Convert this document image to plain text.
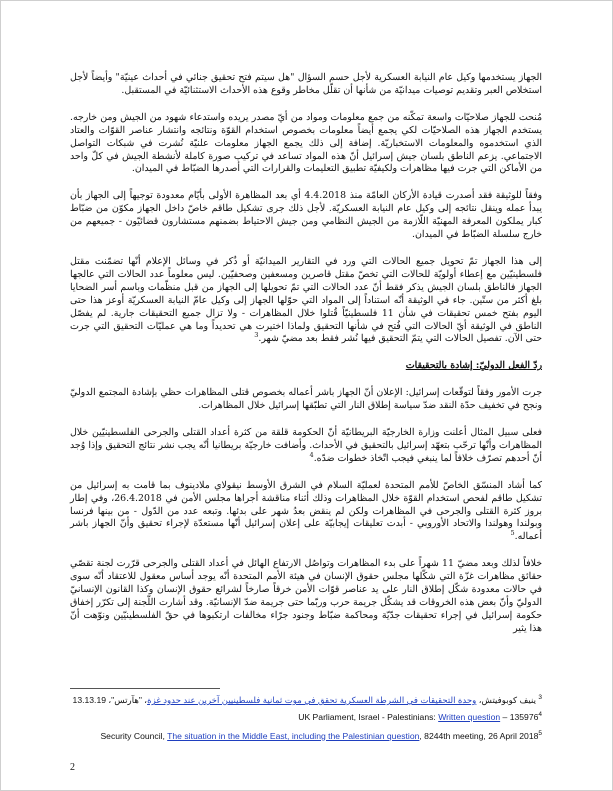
الجهاز يستخدمها وكيل عام النيابة العسكرية لأجل حسم السؤال "هل سيتم فتح تحقيق جنائي في أحداث عينيّة" وأيضاً لأجل استخلاص العبر وتقديم توصيات ميدانيّة من شأنها أن تقلّل مخاطر وقوع هذه الأحداث الاستثنائيّة في المستقبل.

مُنحت للجهاز صلاحيّات واسعة تمكّنه من جمع معلومات ومواد من أيّ مصدر يريده واستدعاء شهود من الجيش ومن خارجه. يستخدم الجهاز هذه الصلاحيّات لكي يجمع أيضاً معلومات بخصوص استخدام القوّة ونتائجه وانتشار عناصر القوّات والعتاد الذي استخدموه والمعلومات الاستخباريّة. إضافة إلى ذلك يجمع الجهاز معلومات علنيّة نُشرت في شبكات التواصل الاجتماعي. يزعم الناطق بلسان جيش إسرائيل أنّ هذه المواد تساعد في تركيب صورة كاملة لأنشطة الجيش في كلّ واحد من الأماكن التي جرت فيها مظاهرات ولكيفيّة تطبيق التعليمات والقرارات التي أصدرها الضبّاط في الميدان.

وفقاً للوثيقة فقد أصدرت قيادة الأركان العامّة منذ 4.4.2018 أي بعد المظاهرة الأولى بأيّام معدودة توجيهاً إلى الجهاز بأن يبدأ عمله وينقل نتائجه إلى وكيل عام النيابة العسكريّة. لأجل ذلك جرى تشكيل طاقم خاصّ داخل الجهاز مكوّن من ضبّاط كبار يملكون المعرفة المهنيّة اللّازمة من الجيش النظامي ومن جيش الاحتياط بضمنهم مستشارون قضائيّون - جميعهم من خارج سلسلة الضبّاط في الميدان.

إلى هذا الجهاز تمّ تحويل جميع الحالات التي ورد في التقارير الميدانيّة أو ذُكر في وسائل الإعلام أنّها تضمّنت مقتل فلسطينيّين مع إعطاء أولويّة للحالات التي تخصّ مقتل قاصرين ومسعفين وصحفيّين. ليس معلوماً عدد الحالات التي عالجها الجهاز فالناطق بلسان الجيش يذكر فقط أنّ عدد الحالات التي تمّ تحويلها إلى الجهاز من قبل منظّمات وباسم أسر الضحايا بلغ أكثر من ستّين. جاء في الوثيقة أنّه استناداً إلى المواد التي حوّلها الجهاز إلى وكيل عامّ النيابة العسكريّة أوعز هذا حتى اليوم بفتح خمس تحقيقات في شأن 11 فلسطينيّاً قُتلوا خلال المظاهرات - ولا تزال جميع التحقيقات جارية. لم يفصّل الناطق في الوثيقة أيّ الحالات التي فُتح في شأنها التحقيق ولماذا اختيرت هي تحديداً وما هي عمليّات التحقيق التي جرت حتى الآن. تفصيل الحالات التي يتمّ التحقيق فيها نُشر فقط بعد مضيّ شهر.$^3$

ردّ الفعل الدوليّ: إشادة بالتحقيقات

جرت الأمور وفقاً لتوقّعات إسرائيل: الإعلان أنّ الجهاز باشر أعماله بخصوص قتلى المظاهرات حظي بإشادة المجتمع الدوليّ ونجح في تخفيف حدّة النقد ضدّ سياسة إطلاق النار التي تطبّقها إسرائيل خلال المظاهرات.

فعلى سبيل المثال أعلنت وزارة الخارجيّة البريطانيّة أنّ الحكومة قلقة من كثرة أعداد القتلى والجرحى الفلسطينيّين خلال المظاهرات وأنّها ترحّب بتعهّد إسرائيل بالتحقيق في الأحداث. وأضافت خارجيّة بريطانيا أنّه يجب نشر نتائج التحقيق وإذا وُجد أنّ أحدهم تصرّف خلافاً لما ينبغي فيجب اتّخاذ خطوات ضدّه.$^4$

كما أشاد المنسّق الخاصّ للأمم المتحدة لعمليّة السلام في الشرق الأوسط نيقولاي ملادينوف بما قامت به إسرائيل من تشكيل طاقم لفحص استخدام القوّة خلال المظاهرات وذلك أثناء مناقشة أجراها مجلس الأمن في 26.4.2018، وفي إطار بروز كثرة القتلى والجرحى في المظاهرات ولكن لم ينقض بعدُ شهر على بدئها. وتبعه عدد من الدّول - من بينها فرنسا وبولندا وهولندا والاتحاد الأوروبي - أبدت تعليقات إيجابيّة على إعلان إسرائيل أنّها مستعدّة لإجراء تحقيق وأنّ الجهاز باشر أعماله.$^5$

خلافاً لذلك وبعد مضيّ 11 شهراً على بدء المظاهرات وتواصُل الارتفاع الهائل في أعداد القتلى والجرحى قرّرت لجنة تقصّي حقائق مظاهرات غزّة التي شكّلها مجلس حقوق الإنسان في هيئة الأمم المتحدة أنّه يوجد أساس معقول للاعتقاد أنّه سوى في حالات معدودة شكّل إطلاق النار على يد عناصر قوّات الأمن خرقاً صارخاً لشرائع حقوق الإنسان وكذا القانون الإنسانيّ الدوليّ وأنّ بعض هذه الخروقات قد يشكّل جريمة حرب وربّما حتى جريمة ضدّ الإنسانيّة. وقد أشارت اللّجنة إلى تكرّر إخفاق حكومة إسرائيل في إجراء تحقيقات جدّيّة ومحاكمة ضبّاط وجنود جرّاء مخالفات ارتكبوها في حقّ الفلسطينيّين ونوّهت أنّ هذا يثير

$^3$ ينيف كوبوفيتش، وحدة التحقيقات في الشرطة العسكرية تحقق في موت ثمانية فلسطينيين آخرين عند حدود غزة، "هآرتس"، 13.13.19
UK Parliament, Israel - Palestinians: Written question – 135976$^4$
Security Council, The situation in the Middle East, including the Palestinian question, 8244th meeting, 26 April 2018$^5$
2
